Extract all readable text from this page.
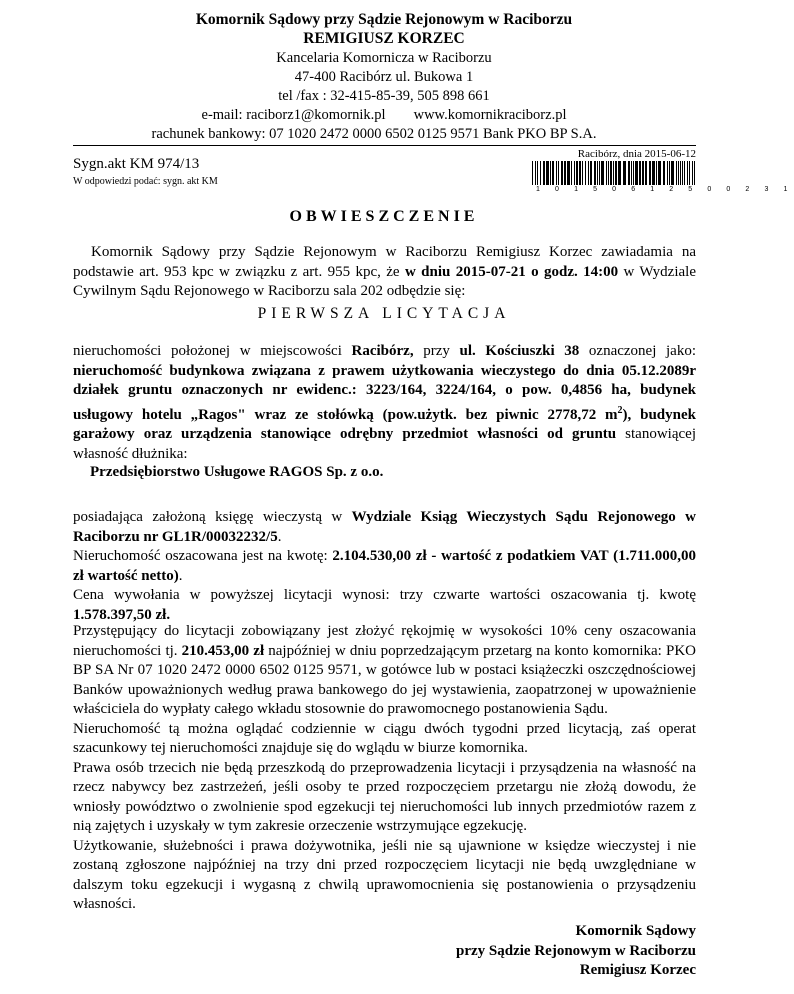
Komornik Sądowy przy Sądzie Rejonowym w Raciborzu
REMIGIUSZ KORZEC
Kancelaria Komornicza w Raciborzu
47-400 Racibórz ul. Bukowa 1
tel /fax : 32-415-85-39, 505 898 661
e-mail: raciborz1@komornik.pl www.komornikraciborz.pl
rachunek bankowy: 07 1020 2472 0000 6502 0125 9571 Bank PKO BP S.A.
Racibórz, dnia 2015-06-12
Sygn.akt KM 974/13
W odpowiedzi podać: sygn. akt KM
1 0 1 5 0 6 1 2 5 0 0 2 3 1
OBWIESZCZENIE
Komornik Sądowy przy Sądzie Rejonowym w Raciborzu Remigiusz Korzec zawiadamia na podstawie art. 953 kpc w związku z art. 955 kpc, że w dniu 2015-07-21 o godz. 14:00 w Wydziale Cywilnym Sądu Rejonowego w Raciborzu sala 202 odbędzie się:
PIERWSZA LICYTACJA
nieruchomości położonej w miejscowości Racibórz, przy ul. Kościuszki 38 oznaczonej jako: nieruchomość budynkowa związana z prawem użytkowania wieczystego do dnia 05.12.2089r działek gruntu oznaczonych nr ewidenc.: 3223/164, 3224/164, o pow. 0,4856 ha, budynek usługowy hotelu „Ragos" wraz ze stołówką (pow.użytk. bez piwnic 2778,72 $m^2$), budynek garażowy oraz urządzenia stanowiące odrębny przedmiot własności od gruntu stanowiącej własność dłużnika:
Przedsiębiorstwo Usługowe RAGOS Sp. z o.o.
posiadająca założoną księgę wieczystą w Wydziale Ksiąg Wieczystych Sądu Rejonowego w Raciborzu nr GL1R/00032232/5.
Nieruchomość oszacowana jest na kwotę: 2.104.530,00 zł - wartość z podatkiem VAT (1.711.000,00 zł wartość netto).
Cena wywołania w powyższej licytacji wynosi: trzy czwarte wartości oszacowania tj. kwotę 1.578.397,50 zł.
Przystępujący do licytacji zobowiązany jest złożyć rękojmię w wysokości 10% ceny oszacowania nieruchomości tj. 210.453,00 zł najpóźniej w dniu poprzedzającym przetarg na konto komornika: PKO BP SA Nr 07 1020 2472 0000 6502 0125 9571, w gotówce lub w postaci książeczki oszczędnościowej Banków upoważnionych według prawa bankowego do jej wystawienia, zaopatrzonej w upoważnienie właściciela do wypłaty całego wkładu stosownie do prawomocnego postanowienia Sądu.
Nieruchomość tą można oglądać codziennie w ciągu dwóch tygodni przed licytacją, zaś operat szacunkowy tej nieruchomości znajduje się do wglądu w biurze komornika.
Prawa osób trzecich nie będą przeszkodą do przeprowadzenia licytacji i przysądzenia na własność na rzecz nabywcy bez zastrzeżeń, jeśli osoby te przed rozpoczęciem przetargu nie złożą dowodu, że wniosły powództwo o zwolnienie spod egzekucji tej nieruchomości lub innych przedmiotów razem z nią zajętych i uzyskały w tym zakresie orzeczenie wstrzymujące egzekucję.
Użytkowanie, służebności i prawa dożywotnika, jeśli nie są ujawnione w księdze wieczystej i nie zostaną zgłoszone najpóźniej na trzy dni przed rozpoczęciem licytacji nie będą uwzględniane w dalszym toku egzekucji i wygasną z chwilą uprawomocnienia się postanowienia o przysądzeniu własności.
Komornik Sądowy
przy Sądzie Rejonowym w Raciborzu
Remigiusz Korzec
